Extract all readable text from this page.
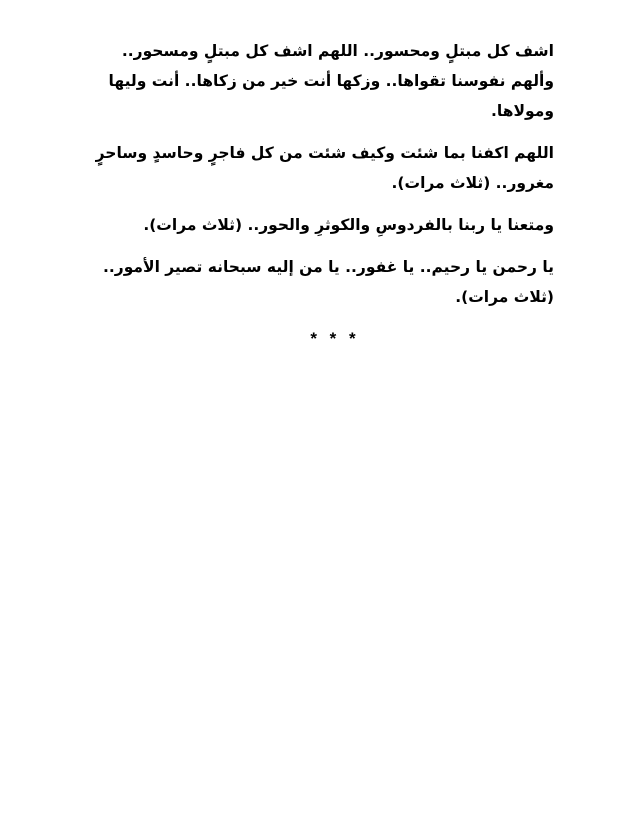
اشف كل مبتلٍ ومحسور.. اللهم اشف كل مبتلٍ ومسحور.. وألهم نفوسنا تقواها.. وزكها أنت خير من زكاها.. أنت وليها ومولاها.

اللهم اكفنا بما شئت وكيف شئت من كل فاجرٍ وحاسدٍ وساحرٍ مغرور.. (ثلاث مرات).

ومتعنا يا ربنا بالفردوسِ والكوثرِ والحور.. (ثلاث مرات).

يا رحمن يا رحيم.. يا غفور.. يا من إليه سبحانه تصير الأمور.. (ثلاث مرات).

* * *
